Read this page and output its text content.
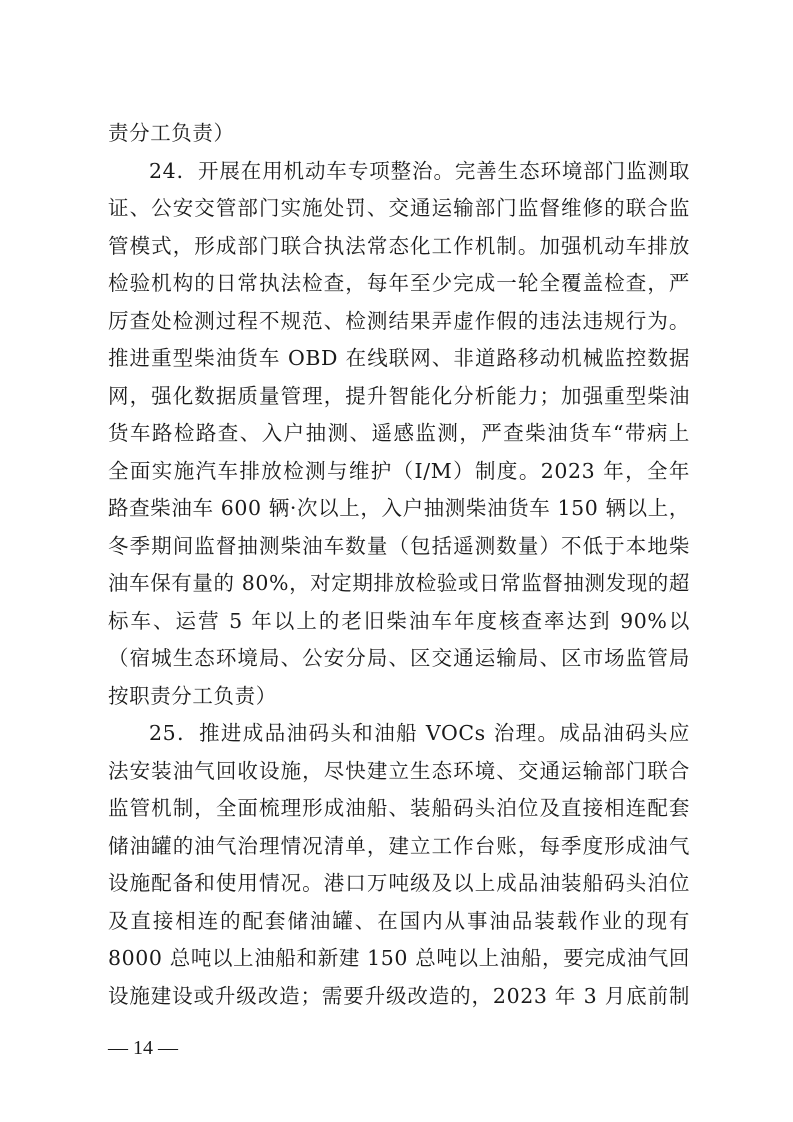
责分工负责）
24．开展在用机动车专项整治。完善生态环境部门监测取
证、公安交管部门实施处罚、交通运输部门监督维修的联合监
管模式，形成部门联合执法常态化工作机制。加强机动车排放
检验机构的日常执法检查，每年至少完成一轮全覆盖检查，严
厉查处检测过程不规范、检测结果弄虚作假的违法违规行为。
推进重型柴油货车 OBD 在线联网、非道路移动机械监控数据
网，强化数据质量管理，提升智能化分析能力；加强重型柴油
货车路检路查、入户抽测、遥感监测，严查柴油货车“带病上
全面实施汽车排放检测与维护（I/M）制度。2023 年，全年
路查柴油车 600 辆·次以上，入户抽测柴油货车 150 辆以上，
冬季期间监督抽测柴油车数量（包括遥测数量）不低于本地柴
油车保有量的 80%，对定期排放检验或日常监督抽测发现的超
标车、运营 5 年以上的老旧柴油车年度核查率达到 90%以
（宿城生态环境局、公安分局、区交通运输局、区市场监管局
按职责分工负责）
25．推进成品油码头和油船 VOCs 治理。成品油码头应
法安装油气回收设施，尽快建立生态环境、交通运输部门联合
监管机制，全面梳理形成油船、装船码头泊位及直接相连配套
储油罐的油气治理情况清单，建立工作台账，每季度形成油气
设施配备和使用情况。港口万吨级及以上成品油装船码头泊位
及直接相连的配套储油罐、在国内从事油品装载作业的现有
8000 总吨以上油船和新建 150 总吨以上油船，要完成油气回
设施建设或升级改造；需要升级改造的，2023 年 3 月底前制
— 14 —
